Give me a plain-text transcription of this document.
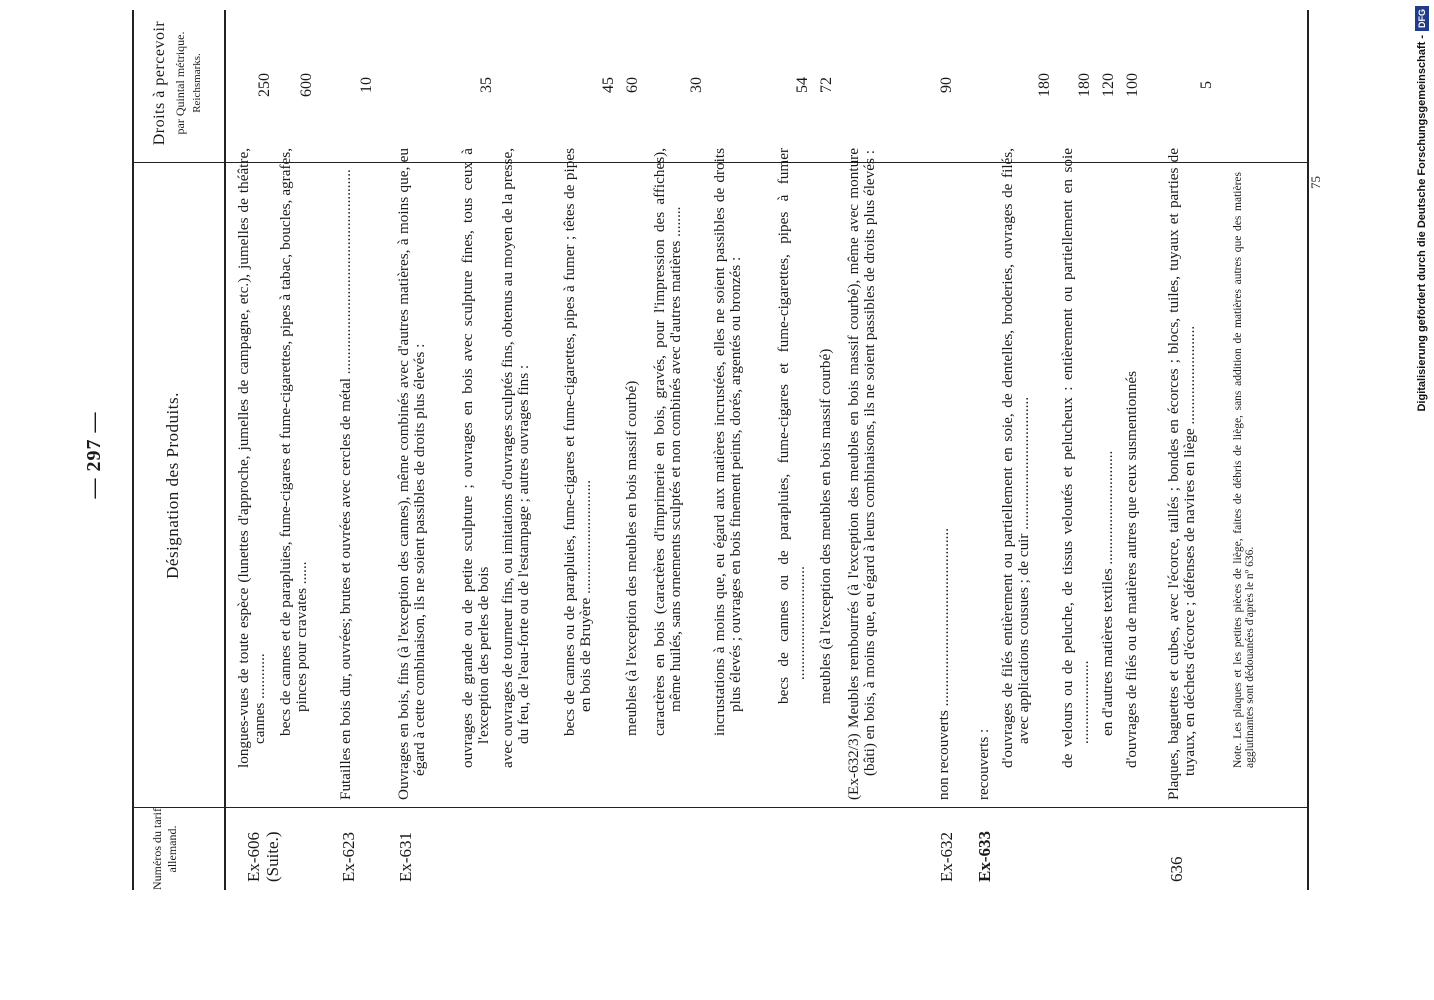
— 297 —
Numéros du tarif allemand.
Désignation des Produits.
Droits à percevoir par Quintal métrique. Reichsmarks.
Ex-606 (Suite.)
longues-vues de toute espèce (lunettes d'approche, jumelles de campagne, etc.), jumelles de théâtre, cannes ............
250
becs de cannes et de parapluies, fume-cigares et fume-cigarettes, pipes à tabac, boucles, agrafes, pinces pour cravates ......
600
Ex-623
Futailles en bois dur, ouvrées; brutes et ouvrées avec cercles de métal ......................................................
10
Ex-631
Ouvrages en bois, fins (à l'exception des cannes), même combinés avec d'autres matières, à moins que, eu égard à cette combinaison, ils ne soient passibles de droits plus élevés : ouvrages de grande ou de petite sculpture ; ouvrages en bois avec sculpture fines, tous ceux à l'exception des perles de bois
35
avec ouvrages de tourneur fins, ou imitations d'ouvrages sculptés fins, obtenus au moyen de la presse, du feu, de l'eau-forte ou de l'estampage ; autres ouvrages fins : becs de cannes ou de parapluies, fume-cigares et fume-cigarettes, pipes à fumer ; têtes de pipes en bois de Bruyère ..............................
45
meubles (à l'exception des meubles en bois massif courbé)
60
caractères en bois (caractères d'imprimerie en bois, gravés, pour l'impression des affiches), même huilés, sans ornements sculptés et non combinés avec d'autres matières ........
30
incrustations à moins que, eu égard aux matières incrustées, elles ne soient passibles de droits plus élevés ; ouvrages en bois finement peints, dorés, argentés ou bronzés : becs de cannes ou de parapluies, fume-cigares et fume-cigarettes, pipes à fumer ..............................
54
meubles (à l'exception des meubles en bois massif courbé)
72
(Ex-632/3) Meubles rembourrés (à l'exception des meubles en bois massif courbé), même avec monture (bâti) en bois, à moins que, eu égard à leurs combinaisons, ils ne soient passibles de droits plus élevés :
Ex-632
non recouverts ...............................................
90
Ex-633
recouverts : d'ouvrages de filés entièrement ou partiellement en soie, de dentelles, broderies, ouvrages de filés, avec applications cousues ; de cuir ...................................
180
de velours ou de peluche, de tissus veloutés et pelucheux : entièrement ou partiellement en soie ......................
180
en d'autres matières textiles ..............................
120
d'ouvrages de filés ou de matières autres que ceux susmentionnés
100
636
Plaques, baguettes et cubes, avec l'écorce, taillés ; bondes en écorces ; blocs, tuiles, tuyaux et parties de tuyaux, en déchets d'écorce ; défenses de navires en liège ..........................
5
Note.Les plaques et les petites pièces de liège, faites de débris de liège, sans addition de matières autres que des matières agglutinantes sont dédouanées d'après le nº 636.
75	Digitalisierung gefördert durch die Deutsche Forschungsgemeinschaft -
DFG
